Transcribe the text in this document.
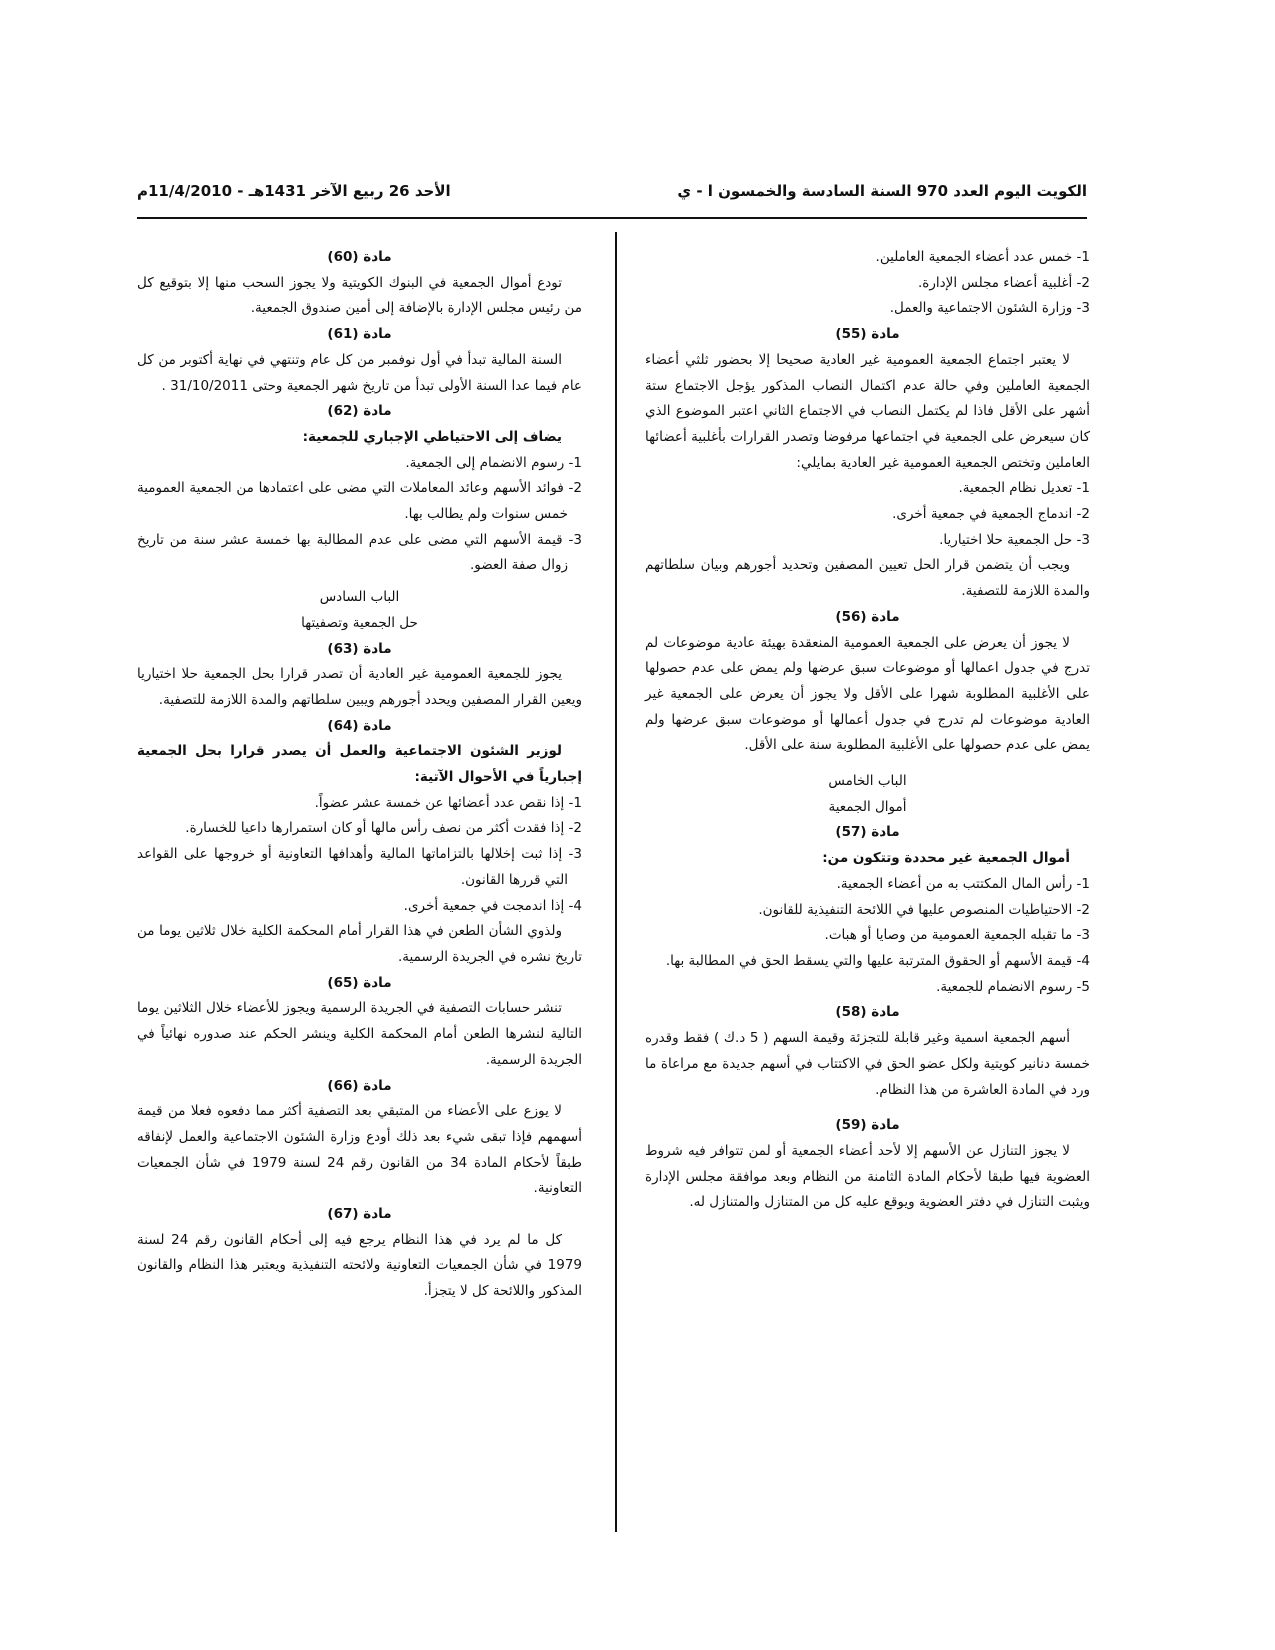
الكويت اليوم العدد 970 السنة السادسة والخمسون ا - ي
الأحد 26 ربيع الآخر 1431هـ - 11/4/2010م

1- خمس عدد أعضاء الجمعية العاملين.

2- أغلبية أعضاء مجلس الإدارة.

3- وزارة الشئون الاجتماعية والعمل.

مادة (55)

لا يعتبر اجتماع الجمعية العمومية غير العادية صحيحا إلا بحضور ثلثي أعضاء الجمعية العاملين وفي حالة عدم اكتمال النصاب المذكور يؤجل الاجتماع ستة أشهر على الأقل فاذا لم يكتمل النصاب في الاجتماع الثاني اعتبر الموضوع الذي كان سيعرض على الجمعية في اجتماعها مرفوضا وتصدر القرارات بأغلبية أعضائها العاملين وتختص الجمعية العمومية غير العادية بمايلي:

1- تعديل نظام الجمعية.

2- اندماج الجمعية في جمعية أخرى.

3- حل الجمعية حلا اختياريا.

ويجب أن يتضمن قرار الحل تعيين المصفين وتحديد أجورهم وبيان سلطاتهم والمدة اللازمة للتصفية.

مادة (56)

لا يجوز أن يعرض على الجمعية العمومية المنعقدة بهيئة عادية موضوعات لم تدرج في جدول اعمالها أو موضوعات سبق عرضها ولم يمض على عدم حصولها على الأغلبية المطلوبة شهرا على الأقل ولا يجوز أن يعرض على الجمعية غير العادية موضوعات لم تدرج في جدول أعمالها أو موضوعات سبق عرضها ولم يمض على عدم حصولها على الأغلبية المطلوبة سنة على الأقل.

الباب الخامس
أموال الجمعية
مادة (57)

أموال الجمعية غير محددة وتتكون من:

1- رأس المال المكتتب به من أعضاء الجمعية.

2- الاحتياطيات المنصوص عليها في اللائحة التنفيذية للقانون.

3- ما تقبله الجمعية العمومية من وصايا أو هبات.

4- قيمة الأسهم أو الحقوق المترتبة عليها والتي يسقط الحق في المطالبة بها.

5- رسوم الانضمام للجمعية.

مادة (58)

أسهم الجمعية اسمية وغير قابلة للتجزئة وقيمة السهم ( 5 د.ك ) فقط وقدره خمسة دنانير كويتية ولكل عضو الحق في الاكتتاب في أسهم جديدة مع مراعاة ما ورد في المادة العاشرة من هذا النظام.

مادة (59)

لا يجوز التنازل عن الأسهم إلا لأحد أعضاء الجمعية أو لمن تتوافر فيه شروط العضوية فيها طبقا لأحكام المادة الثامنة من النظام وبعد موافقة مجلس الإدارة ويثبت التنازل في دفتر العضوية ويوقع عليه كل من المتنازل والمتنازل له.

مادة (60)

تودع أموال الجمعية في البنوك الكويتية ولا يجوز السحب منها إلا بتوقيع كل من رئيس مجلس الإدارة بالإضافة إلى أمين صندوق الجمعية.

مادة (61)

السنة المالية تبدأ في أول نوفمبر من كل عام وتنتهي في نهاية أكتوبر من كل عام فيما عدا السنة الأولى تبدأ من تاريخ شهر الجمعية وحتى 31/10/2011 .

مادة (62)

يضاف إلى الاحتياطي الإجباري للجمعية:

1- رسوم الانضمام إلى الجمعية.

2- فوائد الأسهم وعائد المعاملات التي مضى على اعتمادها من الجمعية العمومية خمس سنوات ولم يطالب بها.

3- قيمة الأسهم التي مضى على عدم المطالبة بها خمسة عشر سنة من تاريخ زوال صفة العضو.

الباب السادس
حل الجمعية وتصفيتها
مادة (63)

يجوز للجمعية العمومية غير العادية أن تصدر قرارا بحل الجمعية حلا اختياريا ويعين القرار المصفين ويحدد أجورهم ويبين سلطاتهم والمدة اللازمة للتصفية.

مادة (64)

لوزير الشئون الاجتماعية والعمل أن يصدر قرارا بحل الجمعية إجبارياً في الأحوال الآتية:

1- إذا نقص عدد أعضائها عن خمسة عشر عضواً.

2- إذا فقدت أكثر من نصف رأس مالها أو كان استمرارها داعيا للخسارة.

3- إذا ثبت إخلالها بالتزاماتها المالية وأهدافها التعاونية أو خروجها على القواعد التي قررها القانون.

4- إذا اندمجت في جمعية أخرى.

ولذوي الشأن الطعن في هذا القرار أمام المحكمة الكلية خلال ثلاثين يوما من تاريخ نشره في الجريدة الرسمية.

مادة (65)

تنشر حسابات التصفية في الجريدة الرسمية ويجوز للأعضاء خلال الثلاثين يوما التالية لنشرها الطعن أمام المحكمة الكلية وينشر الحكم عند صدوره نهائياً في الجريدة الرسمية.

مادة (66)

لا يوزع على الأعضاء من المتبقي بعد التصفية أكثر مما دفعوه فعلا من قيمة أسهمهم فإذا تبقى شيء بعد ذلك أودع وزارة الشئون الاجتماعية والعمل لإنفاقه طبقاً لأحكام المادة 34 من القانون رقم 24 لسنة 1979 في شأن الجمعيات التعاونية.

مادة (67)

كل ما لم يرد في هذا النظام يرجع فيه إلى أحكام القانون رقم 24 لسنة 1979 في شأن الجمعيات التعاونية ولائحته التنفيذية ويعتبر هذا النظام والقانون المذكور واللائحة كل لا يتجزأ.
